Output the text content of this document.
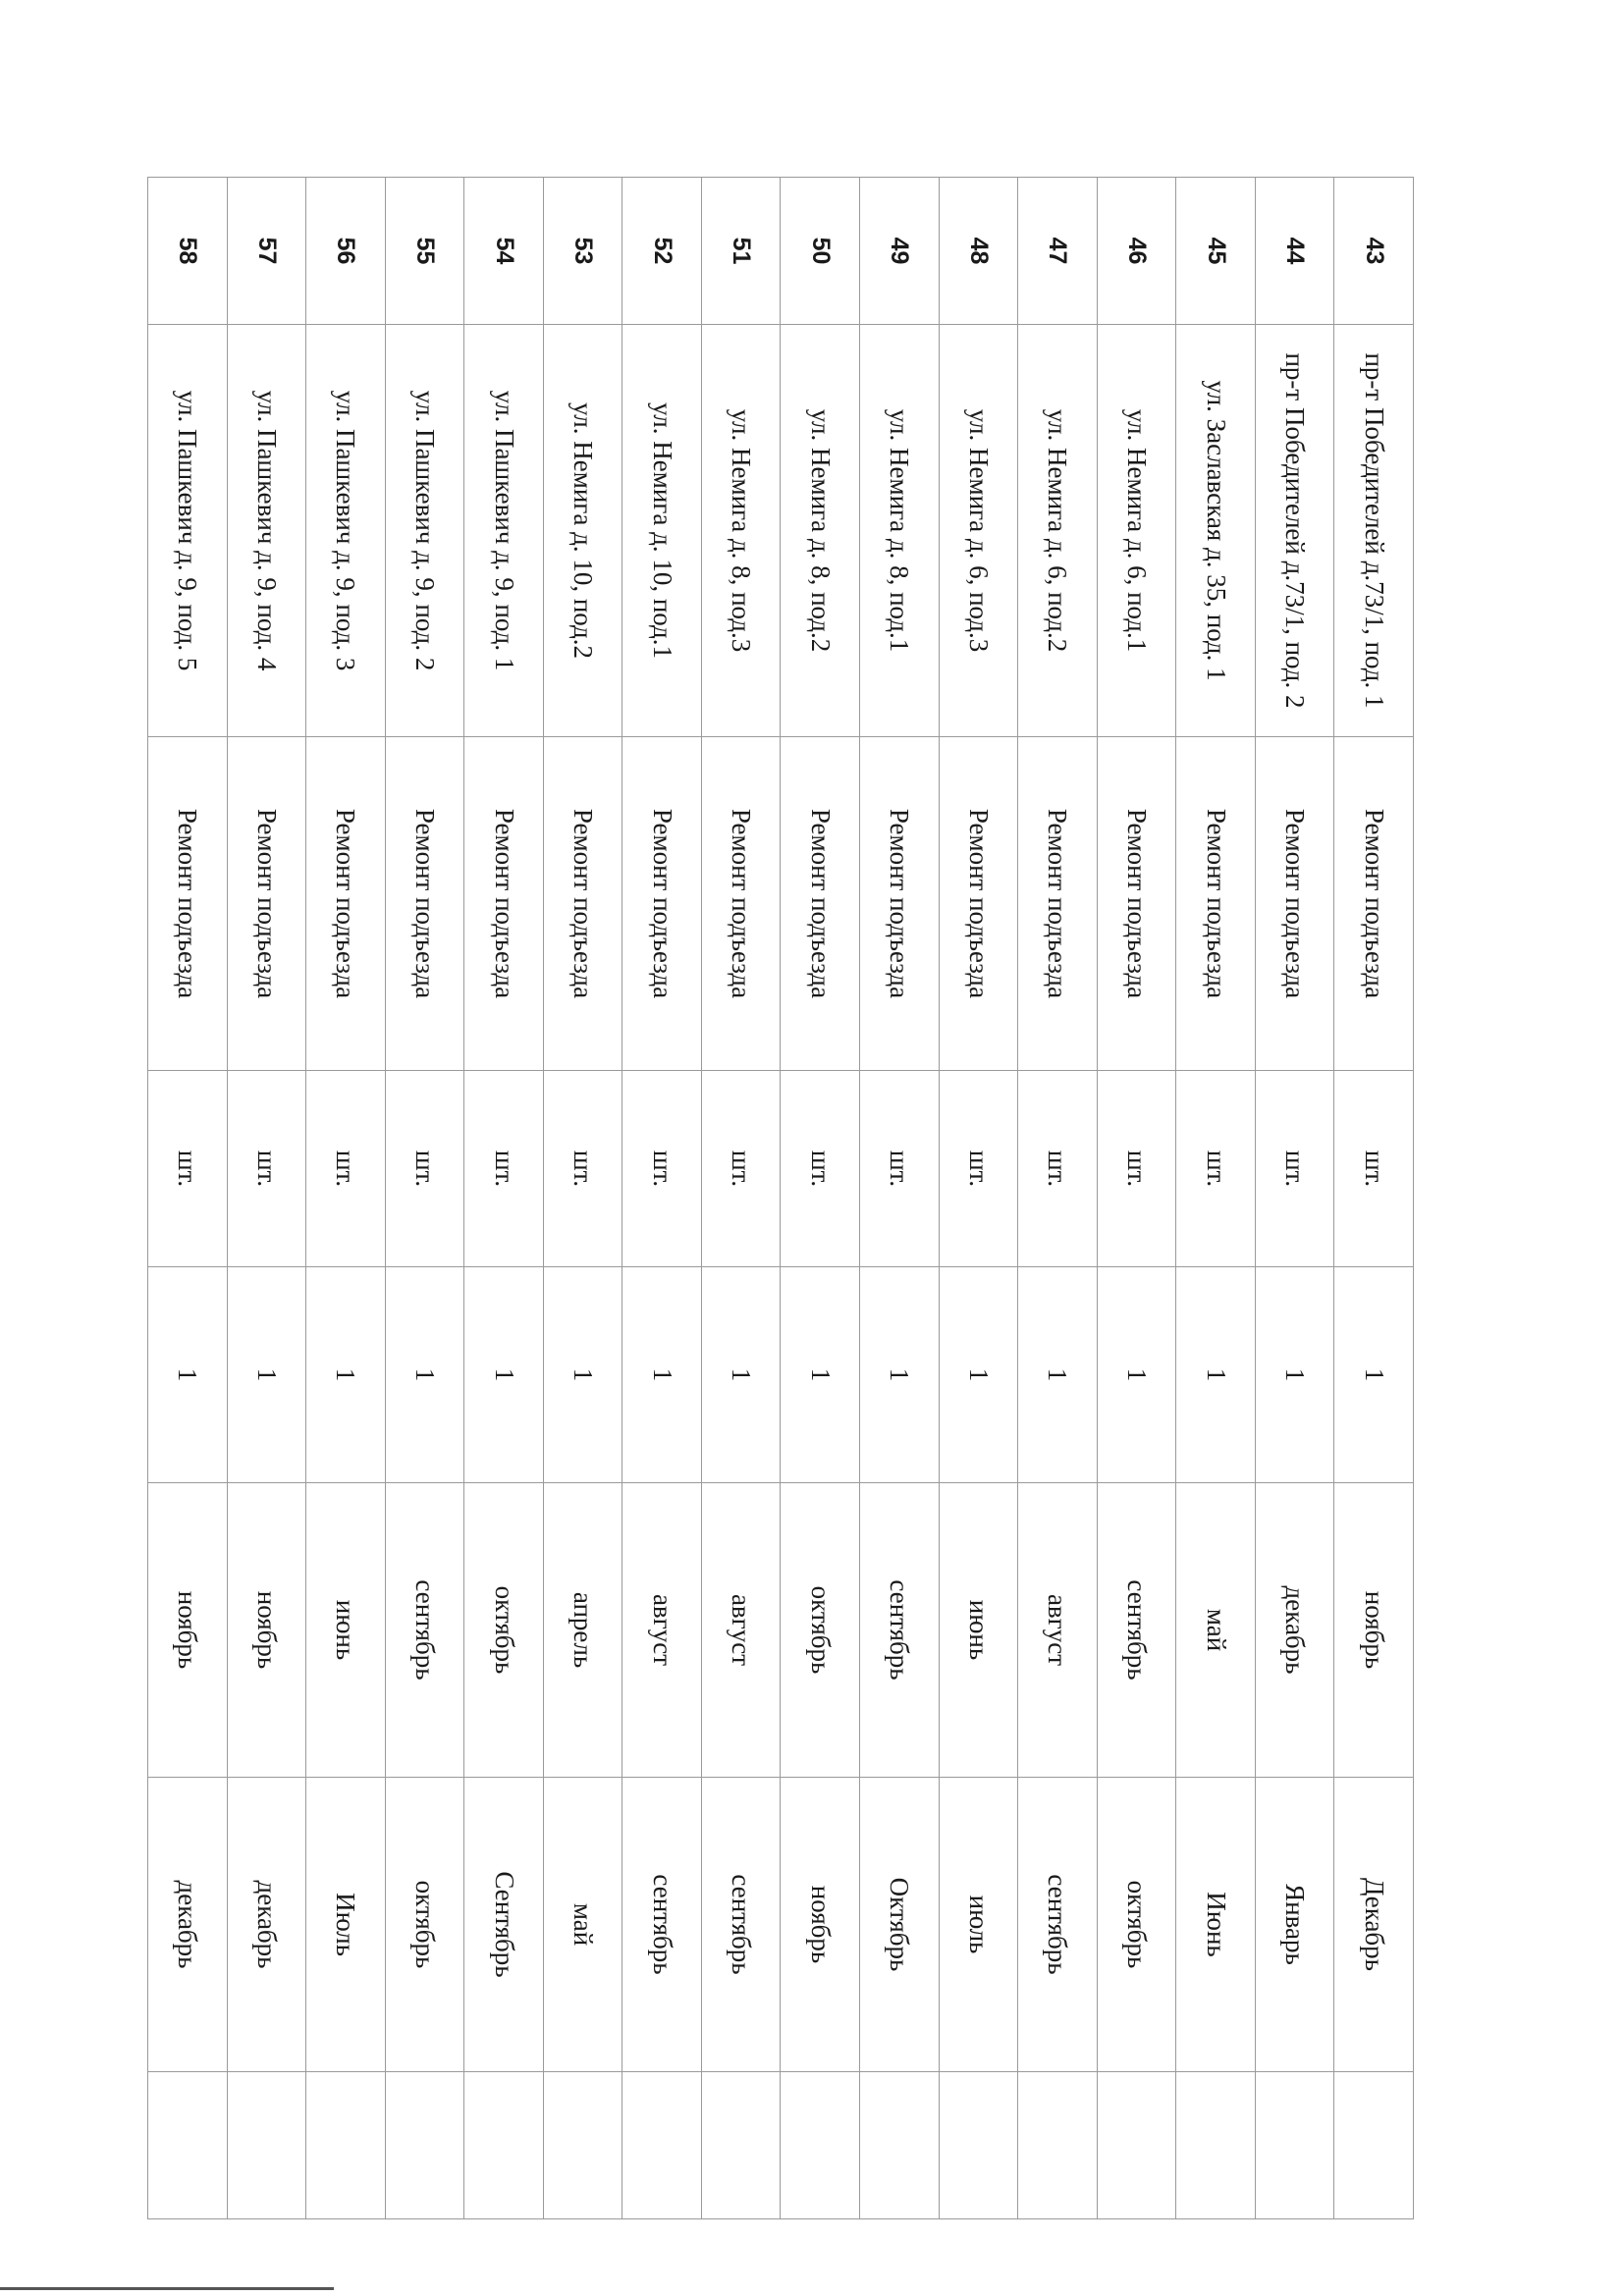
43	пр-т Победителей д.73/1, под. 1	Ремонт подъезда	шт.	1	ноябрь	Декабрь	
44	пр-т Победителей д.73/1, под. 2	Ремонт подъезда	шт.	1	декабрь	Январь	
45	ул. Заславская д. 35, под. 1	Ремонт подъезда	шт.	1	май	Июнь	
46	ул. Немига д. 6, под.1	Ремонт подъезда	шт.	1	сентябрь	октябрь	
47	ул. Немига д. 6, под.2	Ремонт подъезда	шт.	1	август	сентябрь	
48	ул. Немига д. 6, под.3	Ремонт подъезда	шт.	1	июнь	июль	
49	ул. Немига д. 8, под.1	Ремонт подъезда	шт.	1	сентябрь	Октябрь	
50	ул. Немига д. 8, под.2	Ремонт подъезда	шт.	1	октябрь	ноябрь	
51	ул. Немига д. 8, под.3	Ремонт подъезда	шт.	1	август	сентябрь	
52	ул. Немига д. 10, под.1	Ремонт подъезда	шт.	1	август	сентябрь	
53	ул. Немига д. 10, под.2	Ремонт подъезда	шт.	1	апрель	май	
54	ул. Пашкевич д. 9, под. 1	Ремонт подъезда	шт.	1	октябрь	Сентябрь	
55	ул. Пашкевич д. 9, под. 2	Ремонт подъезда	шт.	1	сентябрь	октябрь	
56	ул. Пашкевич д. 9, под. 3	Ремонт подъезда	шт.	1	июнь	Июль	
57	ул. Пашкевич д. 9, под. 4	Ремонт подъезда	шт.	1	ноябрь	декабрь	
58	ул. Пашкевич д. 9, под. 5	Ремонт подъезда	шт.	1	ноябрь	декабрь	
